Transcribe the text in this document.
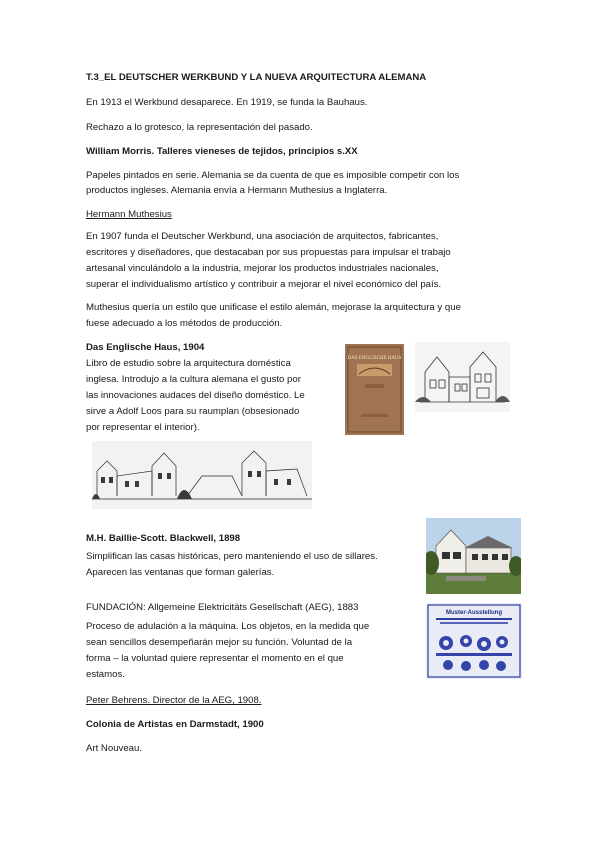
T.3_EL DEUTSCHER WERKBUND Y LA NUEVA ARQUITECTURA ALEMANA
En 1913 el Werkbund desaparece. En 1919, se funda la Bauhaus.
Rechazo a lo grotesco, la representación del pasado.
William Morris. Talleres vieneses de tejidos, principios s.XX
Papeles pintados en serie. Alemania se da cuenta de que es imposible competir con los
productos ingleses. Alemania envía a Hermann Muthesius a Inglaterra.
Hermann Muthesius
En 1907 funda el Deutscher Werkbund, una asociación de arquitectos, fabricantes,
escritores y diseñadores, que destacaban por sus propuestas para impulsar el trabajo
artesanal vinculándolo a la industria, mejorar los productos industriales nacionales,
superar el individualismo artístico y contribuir a mejorar el nivel económico del país.
Muthesius quería un estilo que unificase el estilo alemán, mejorase la arquitectura y que
fuese adecuado a los métodos de producción.
Das Englische Haus, 1904
Libro de estudio sobre la arquitectura doméstica
inglesa. Introdujo a la cultura alemana el gusto por
las innovaciones audaces del diseño doméstico. Le
sirve a Adolf Loos para su raumplan (obsesionado
por representar el interior).
DAS ENGLISCHE HAUS
M.H. Baillie-Scott. Blackwell, 1898
Simplifican las casas históricas, pero manteniendo el uso de sillares.
Aparecen las ventanas que forman galerías.
FUNDACIÓN: Allgemeine Elektricitäts Gesellschaft (AEG), 1883
Proceso de adulación a la máquina. Los objetos, en la medida que
sean sencillos desempeñarán mejor su función. Voluntad de la
forma – la voluntad quiere representar el momento en el que
estamos.
Muster-Ausstellung
Peter Behrens. Director de la AEG, 1908.
Colonia de Artistas en Darmstadt, 1900
Art Nouveau.
